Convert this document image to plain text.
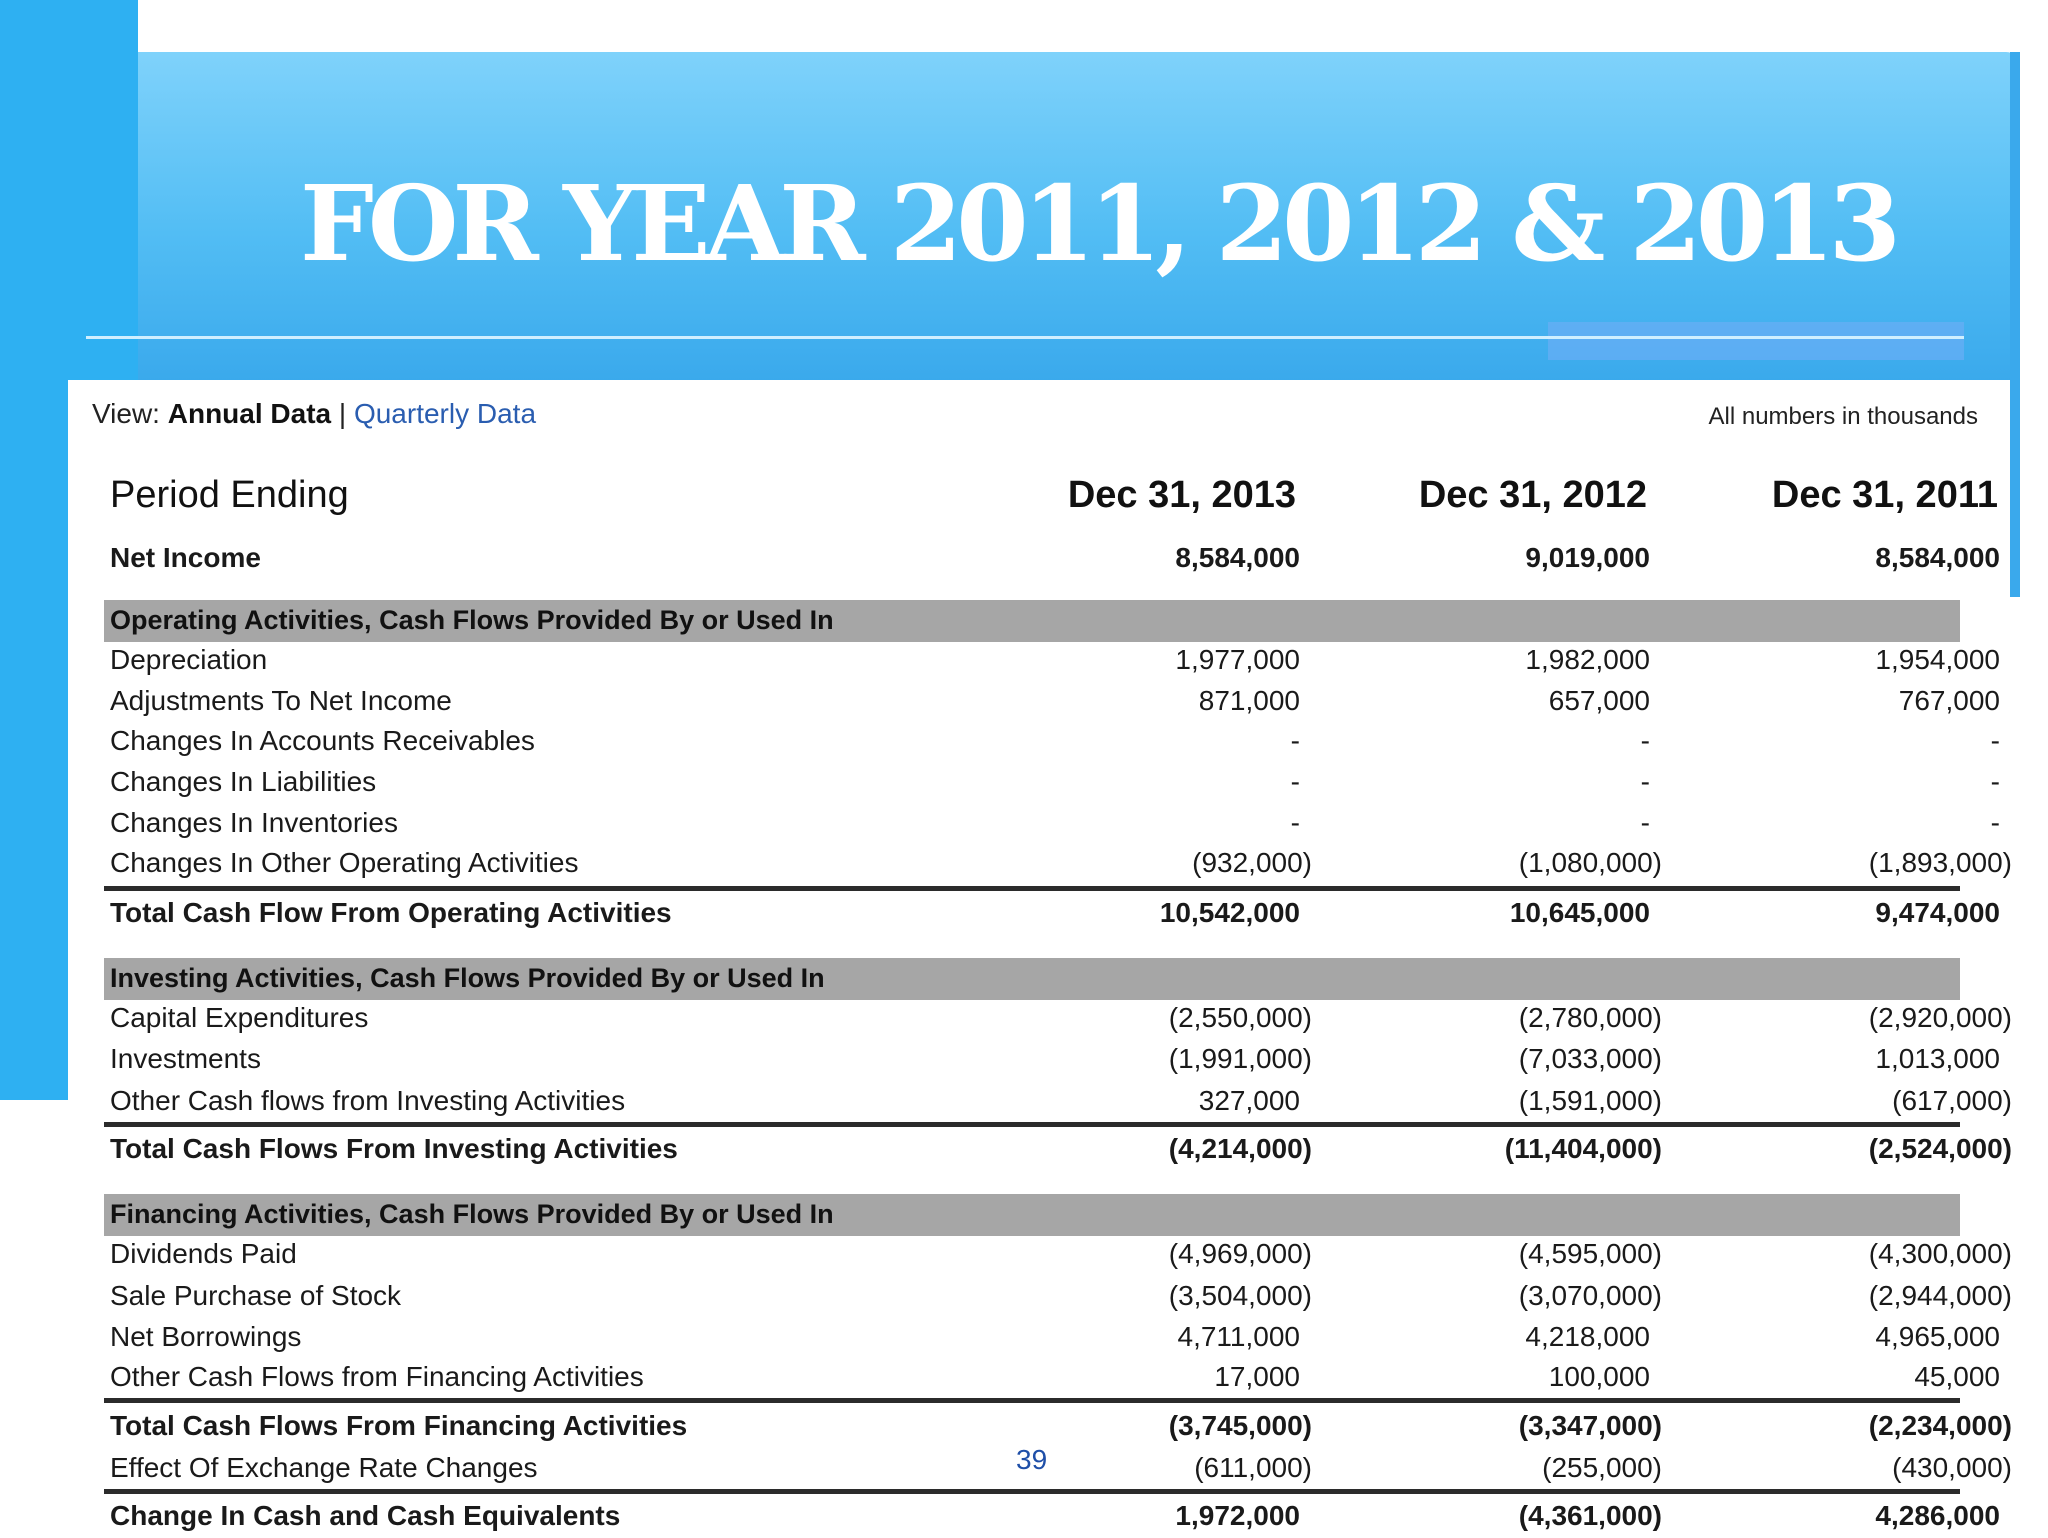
FOR YEAR 2011, 2012 & 2013
View: Annual Data | Quarterly Data	All numbers in thousands
Period Ending	Dec 31, 2013	Dec 31, 2012	Dec 31, 2011
Net Income	8,584,000	9,019,000	8,584,000
Operating Activities, Cash Flows Provided By or Used In
Depreciation	1,977,000	1,982,000	1,954,000
Adjustments To Net Income	871,000	657,000	767,000
Changes In Accounts Receivables	-	-	-
Changes In Liabilities	-	-	-
Changes In Inventories	-	-	-
Changes In Other Operating Activities	(932,000)	(1,080,000)	(1,893,000)
Total Cash Flow From Operating Activities	10,542,000	10,645,000	9,474,000
Investing Activities, Cash Flows Provided By or Used In
Capital Expenditures	(2,550,000)	(2,780,000)	(2,920,000)
Investments	(1,991,000)	(7,033,000)	1,013,000
Other Cash flows from Investing Activities	327,000	(1,591,000)	(617,000)
Total Cash Flows From Investing Activities	(4,214,000)	(11,404,000)	(2,524,000)
Financing Activities, Cash Flows Provided By or Used In
Dividends Paid	(4,969,000)	(4,595,000)	(4,300,000)
Sale Purchase of Stock	(3,504,000)	(3,070,000)	(2,944,000)
Net Borrowings	4,711,000	4,218,000	4,965,000
Other Cash Flows from Financing Activities	17,000	100,000	45,000
Total Cash Flows From Financing Activities	(3,745,000)	(3,347,000)	(2,234,000)
Effect Of Exchange Rate Changes	(611,000)	(255,000)	(430,000)
39
Change In Cash and Cash Equivalents	1,972,000	(4,361,000)	4,286,000
